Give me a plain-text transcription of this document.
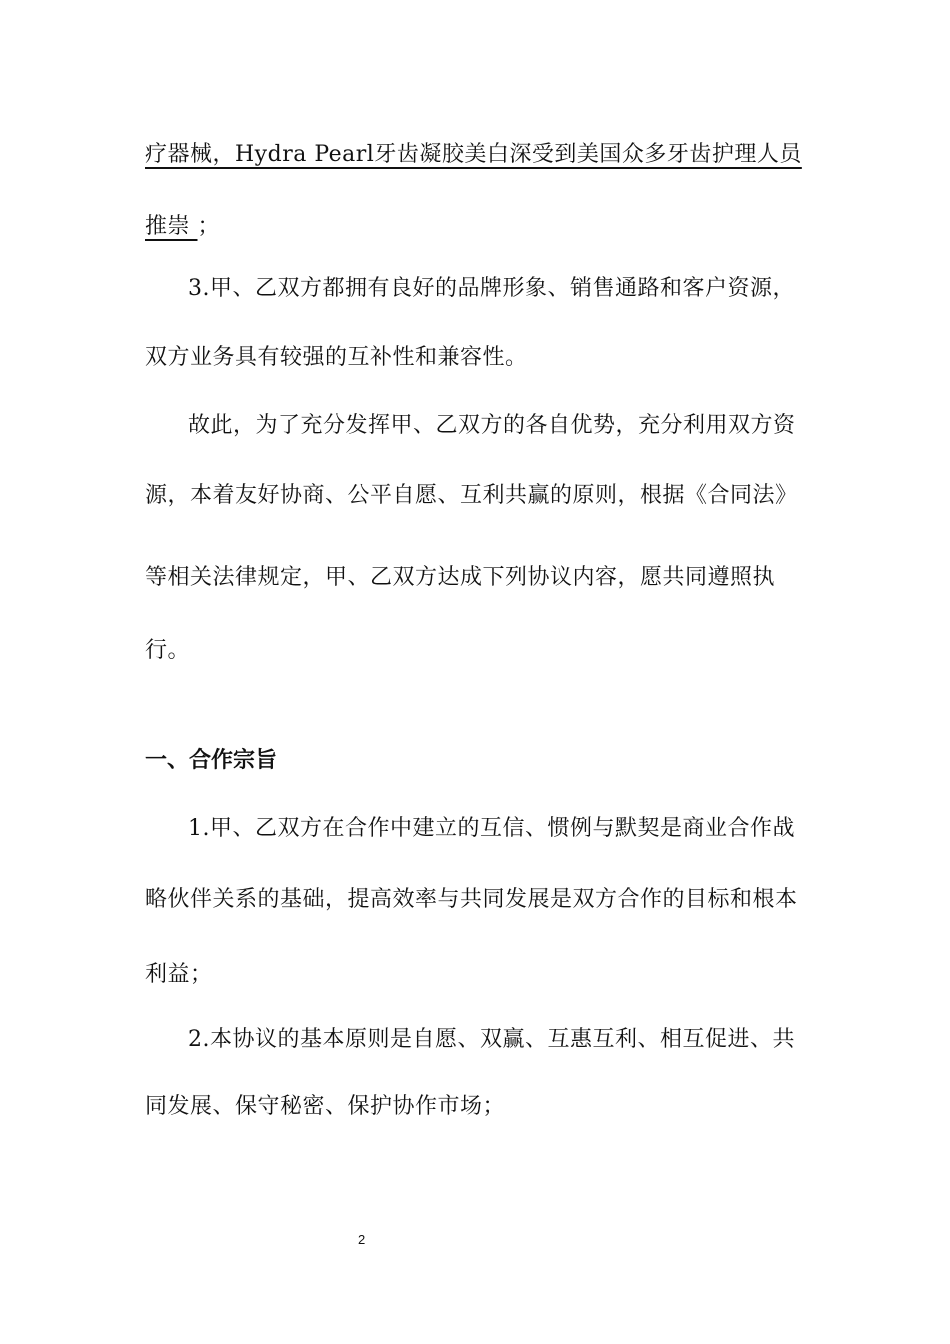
疗器械，Hydra Pearl牙齿凝胶美白深受到美国众多牙齿护理人员
推崇 ；
3.甲、乙双方都拥有良好的品牌形象、销售通路和客户资源，
双方业务具有较强的互补性和兼容性。
故此，为了充分发挥甲、乙双方的各自优势，充分利用双方资
源，本着友好协商、公平自愿、互利共赢的原则，根据《合同法》
等相关法律规定，甲、乙双方达成下列协议内容，愿共同遵照执
行。
一、合作宗旨
1.甲、乙双方在合作中建立的互信、惯例与默契是商业合作战
略伙伴关系的基础，提高效率与共同发展是双方合作的目标和根本
利益；
2.本协议的基本原则是自愿、双赢、互惠互利、相互促进、共
同发展、保守秘密、保护协作市场；
2
